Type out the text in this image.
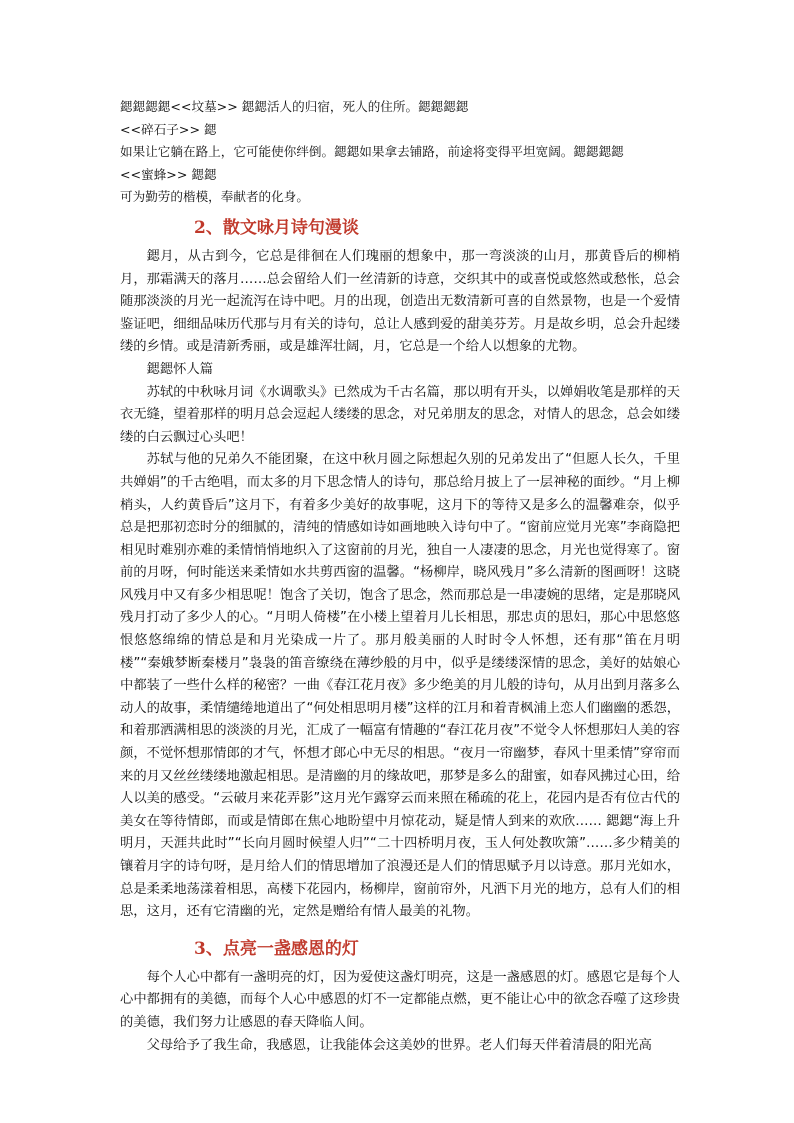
鍶鍶鍶鍶<<坟墓>> 鍶鍶活人的归宿，死人的住所。鍶鍶鍶鍶
<<碎石子>> 鍶
如果让它躺在路上，它可能使你绊倒。鍶鍶如果拿去铺路，前途将变得平坦宽阔。鍶鍶鍶鍶
<<蜜蜂>> 鍶鍶
可为勤劳的楷模，奉献者的化身。
2、散文咏月诗句漫谈

鍶月，从古到今，它总是徘徊在人们瑰丽的想象中，那一弯淡淡的山月，那黄昏后的柳梢月，那霜满天的落月……总会留给人们一丝清新的诗意，交织其中的或喜悦或悠然或愁怅，总会随那淡淡的月光一起流泻在诗中吧。月的出现，创造出无数清新可喜的自然景物，也是一个爱情鉴证吧，细细品味历代那与月有关的诗句，总让人感到爱的甜美芬芳。月是故乡明，总会升起缕缕的乡情。或是清新秀丽，或是雄浑壮阔，月，它总是一个给人以想象的尤物。

鍶鍶怀人篇

苏轼的中秋咏月词《水调歌头》已然成为千古名篇，那以明有开头，以婵娟收笔是那样的天衣无缝，望着那样的明月总会逗起人缕缕的思念，对兄弟朋友的思念，对情人的思念，总会如缕缕的白云飘过心头吧！

苏轼与他的兄弟久不能团聚，在这中秋月圆之际想起久别的兄弟发出了“但愿人长久，千里共婵娟”的千古绝唱，而太多的月下思念情人的诗句，那总给月披上了一层神秘的面纱。“月上柳梢头，人约黄昏后”这月下，有着多少美好的故事呢，这月下的等待又是多么的温馨难奈，似乎总是把那初恋时分的细腻的，清纯的情感如诗如画地映入诗句中了。“窗前应觉月光寒”李商隐把相见时难别亦难的柔情悄悄地织入了这窗前的月光，独自一人凄凄的思念，月光也觉得寒了。窗前的月呀，何时能送来柔情如水共剪西窗的温馨。“杨柳岸，晓风残月”多么清新的图画呀！这晓风残月中又有多少相思呢！饱含了关切，饱含了思念，然而那总是一串凄婉的思绪，定是那晓风残月打动了多少人的心。“月明人倚楼”在小楼上望着月儿长相思，那忠贞的思妇，那心中思悠悠恨悠悠绵绵的情总是和月光染成一片了。那月般美丽的人时时令人怀想，还有那“笛在月明楼”“秦娥梦断秦楼月”袅袅的笛音缭绕在薄纱般的月中，似乎是缕缕深情的思念，美好的姑娘心中都装了一些什么样的秘密？一曲《春江花月夜》多少绝美的月儿般的诗句，从月出到月落多么动人的故事，柔情缱绻地道出了“何处相思明月楼”这样的江月和着青枫浦上恋人们幽幽的悉怨，和着那洒满相思的淡淡的月光，汇成了一幅富有情趣的“春江花月夜”不觉令人怀想那妇人美的容颜，不觉怀想那情郎的才气，怀想才郎心中无尽的相思。“夜月一帘幽梦，春风十里柔情”穿帘而来的月又丝丝缕缕地激起相思。是清幽的月的缘故吧，那梦是多么的甜蜜，如春风拂过心田，给人以美的感受。“云破月来花弄影”这月光乍露穿云而来照在稀疏的花上，花园内是否有位古代的美女在等待情郎，而或是情郎在焦心地盼望中月惊花动，疑是情人到来的欢欣…… 鍶鍶“海上升明月，天涯共此时”“长向月圆时候望人归”“二十四桥明月夜，玉人何处教吹箫”……多少精美的镶着月字的诗句呀，是月给人们的情思增加了浪漫还是人们的情思赋予月以诗意。那月光如水，总是柔柔地荡漾着相思，高楼下花园内，杨柳岸，窗前帘外，凡洒下月光的地方，总有人们的相思，这月，还有它清幽的光，定然是赠给有情人最美的礼物。

3、点亮一盏感恩的灯

每个人心中都有一盏明亮的灯，因为爱使这盏灯明亮，这是一盏感恩的灯。感恩它是每个人心中都拥有的美德，而每个人心中感恩的灯不一定都能点燃，更不能让心中的欲念吞噬了这珍贵的美德，我们努力让感恩的春天降临人间。

父母给予了我生命，我感恩，让我能体会这美妙的世界。老人们每天伴着清晨的阳光高
